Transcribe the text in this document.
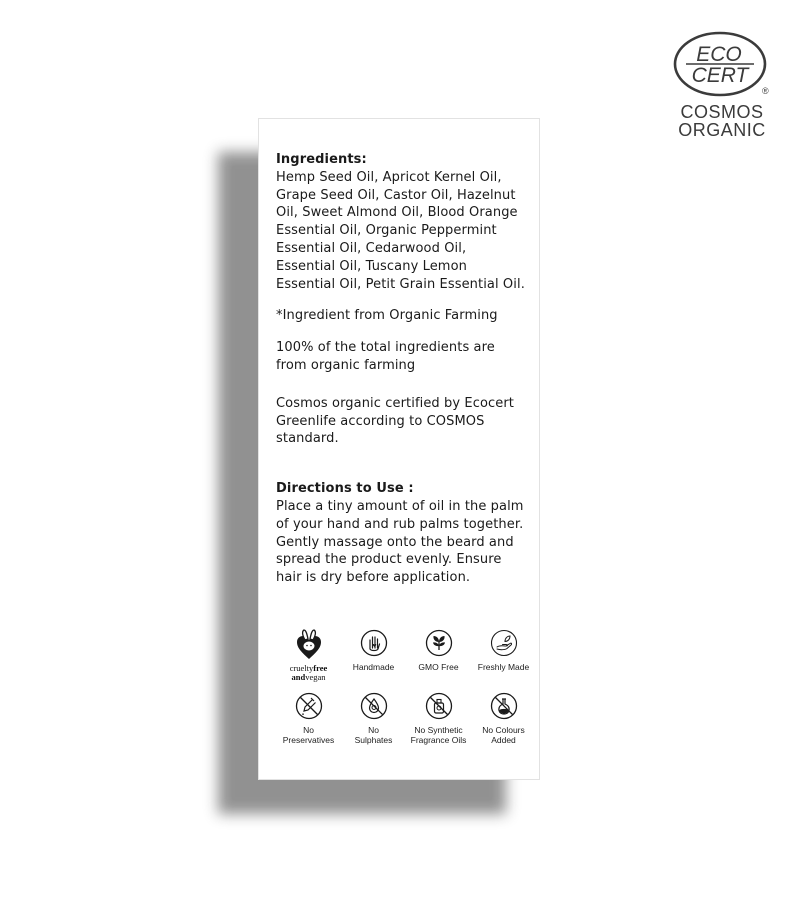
ECO
CERT
®
COSMOS
ORGANIC

Ingredients:

Hemp Seed Oil, Apricot Kernel Oil, Grape Seed Oil, Castor Oil, Hazelnut Oil, Sweet Almond Oil, Blood Orange Essential Oil, Organic Peppermint Essential Oil, Cedarwood Oil, Essential Oil, Tuscany Lemon Essential Oil, Petit Grain Essential Oil.

*Ingredient from Organic Farming

100% of the total ingredients are from organic farming

Cosmos organic certified by Ecocert Greenlife according to COSMOS standard.

Directions to Use :

Place a tiny amount of oil in the palm of your hand and rub palms together. Gently massage onto the beard and spread the product evenly. Ensure hair is dry before application.

crueltyfree
andvegan
Handmade	GMO Free Freshly Made
No
Preservatives
No
Sulphates
No Synthetic
Fragrance Oils
No Colours
Added
